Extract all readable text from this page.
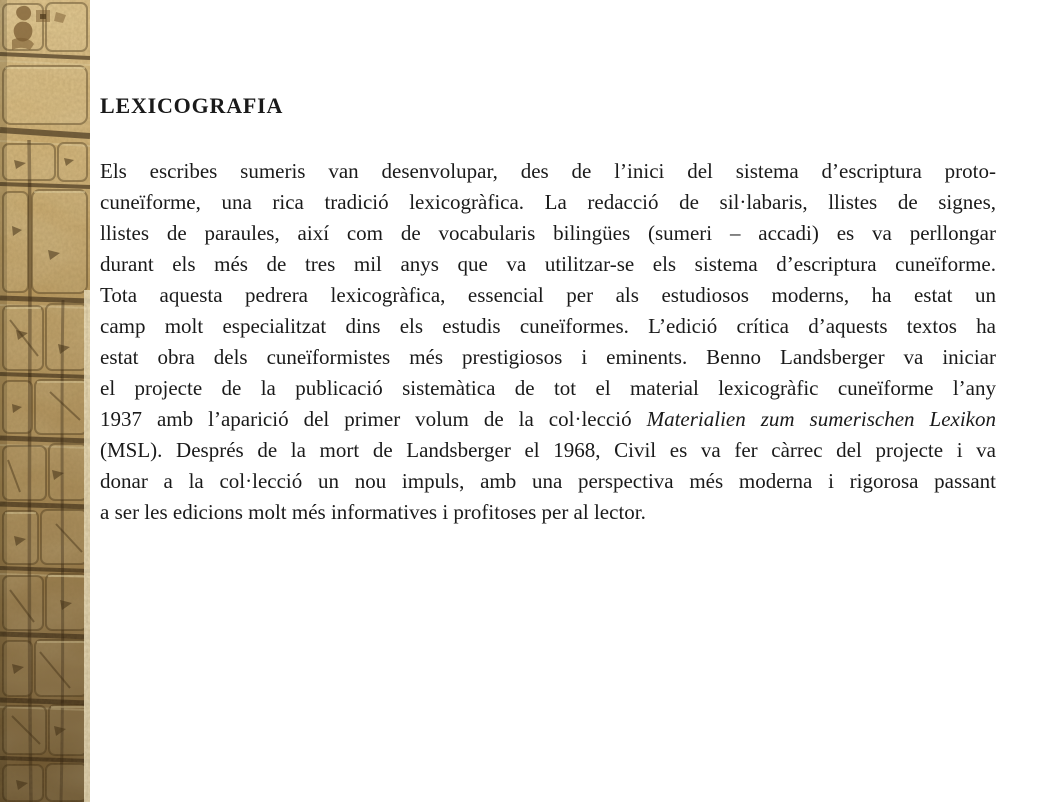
LEXICOGRAFIA
Els escribes sumeris van desenvolupar, des de l’inici del sistema d’escriptura proto-
cuneïforme, una rica tradició lexicogràfica. La redacció de sil·labaris, llistes de signes,
llistes de paraules, així com de vocabularis bilingües (sumeri – accadi) es va perllongar
durant els més de tres mil anys que va utilitzar-se els sistema d’escriptura cuneïforme.
Tota aquesta pedrera lexicogràfica, essencial per als estudiosos moderns, ha estat un
camp molt especialitzat dins els estudis cuneïformes. L’edició crítica d’aquests textos ha
estat obra dels cuneïformistes més prestigiosos i eminents. Benno Landsberger va iniciar
el projecte de la publicació sistemàtica de tot el material lexicogràfic cuneïforme l’any
1937 amb l’aparició del primer volum de la col·lecció Materialien zum sumerischen Lexikon
(MSL). Després de la mort de Landsberger el 1968, Civil es va fer càrrec del projecte i va
donar a la col·lecció un nou impuls, amb una perspectiva més moderna i rigorosa passant
a ser les edicions molt més informatives i profitoses per al lector.
